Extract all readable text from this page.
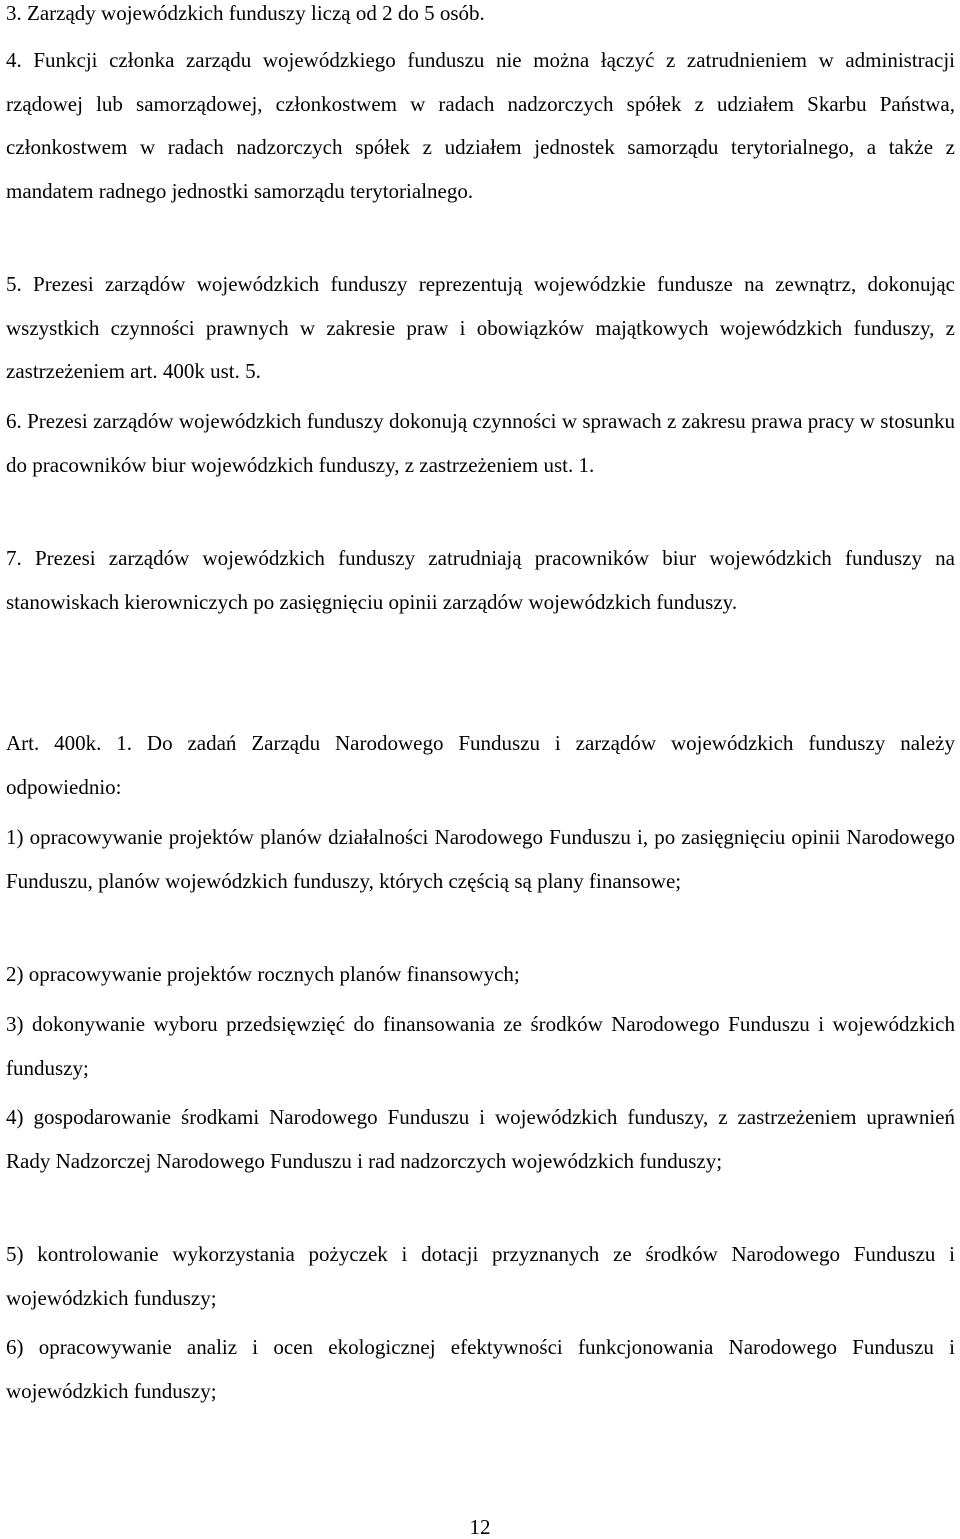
3. Zarządy wojewódzkich funduszy liczą od 2 do 5 osób.

4. Funkcji członka zarządu wojewódzkiego funduszu nie można łączyć z zatrudnieniem w administracji rządowej lub samorządowej, członkostwem w radach nadzorczych spółek z udziałem Skarbu Państwa, członkostwem w radach nadzorczych spółek z udziałem jednostek samorządu terytorialnego, a także z mandatem radnego jednostki samorządu terytorialnego.

5. Prezesi zarządów wojewódzkich funduszy reprezentują wojewódzkie fundusze na zewnątrz, dokonując wszystkich czynności prawnych w zakresie praw i obowiązków majątkowych wojewódzkich funduszy, z zastrzeżeniem art. 400k ust. 5.

6. Prezesi zarządów wojewódzkich funduszy dokonują czynności w sprawach z zakresu prawa pracy w stosunku do pracowników biur wojewódzkich funduszy, z zastrzeżeniem ust. 1.

7. Prezesi zarządów wojewódzkich funduszy zatrudniają pracowników biur wojewódzkich funduszy na stanowiskach kierowniczych po zasięgnięciu opinii zarządów wojewódzkich funduszy.

Art. 400k. 1. Do zadań Zarządu Narodowego Funduszu i zarządów wojewódzkich funduszy należy odpowiednio:

1) opracowywanie projektów planów działalności Narodowego Funduszu i, po zasięgnięciu opinii Narodowego Funduszu, planów wojewódzkich funduszy, których częścią są plany finansowe;

2) opracowywanie projektów rocznych planów finansowych;

3) dokonywanie wyboru przedsięwzięć do finansowania ze środków Narodowego Funduszu i wojewódzkich funduszy;

4) gospodarowanie środkami Narodowego Funduszu i wojewódzkich funduszy, z zastrzeżeniem uprawnień Rady Nadzorczej Narodowego Funduszu i rad nadzorczych wojewódzkich funduszy;

5) kontrolowanie wykorzystania pożyczek i dotacji przyznanych ze środków Narodowego Funduszu i wojewódzkich funduszy;

6) opracowywanie analiz i ocen ekologicznej efektywności funkcjonowania Narodowego Funduszu i wojewódzkich funduszy;

12
